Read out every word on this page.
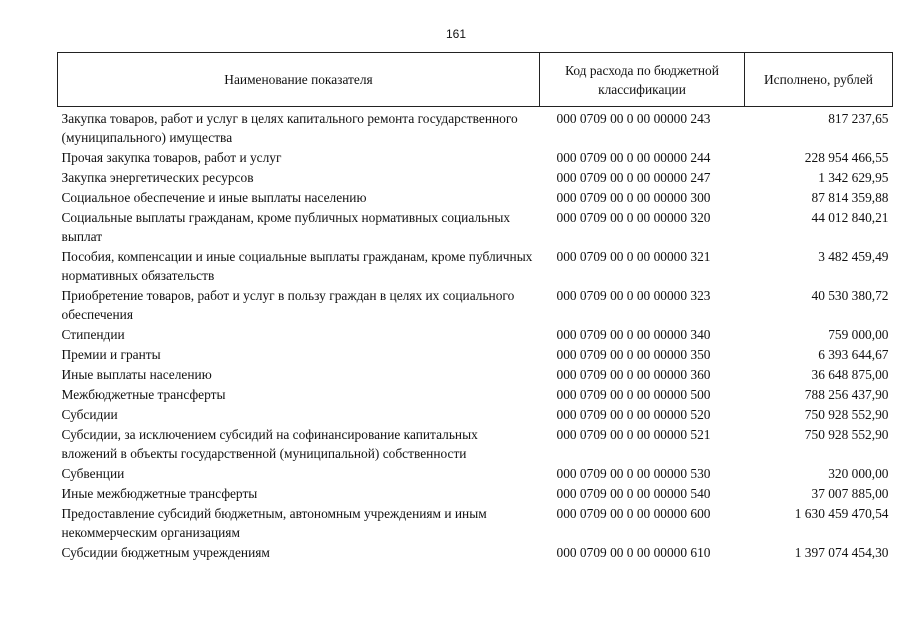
161
Наименование показателя	Код расхода по бюджетной классификации	Исполнено, рублей
Закупка товаров, работ и услуг в целях капитального ремонта государственного (муниципального) имущества	000 0709 00 0 00 00000 243	817 237,65
Прочая закупка товаров, работ и услуг	000 0709 00 0 00 00000 244	228 954 466,55
Закупка энергетических ресурсов	000 0709 00 0 00 00000 247	1 342 629,95
Социальное обеспечение и иные выплаты населению	000 0709 00 0 00 00000 300	87 814 359,88
Социальные выплаты гражданам, кроме публичных нормативных социальных выплат	000 0709 00 0 00 00000 320	44 012 840,21
Пособия, компенсации и иные социальные выплаты гражданам, кроме публичных нормативных обязательств	000 0709 00 0 00 00000 321	3 482 459,49
Приобретение товаров, работ и услуг в пользу граждан в целях их социального обеспечения	000 0709 00 0 00 00000 323	40 530 380,72
Стипендии	000 0709 00 0 00 00000 340	759 000,00
Премии и гранты	000 0709 00 0 00 00000 350	6 393 644,67
Иные выплаты населению	000 0709 00 0 00 00000 360	36 648 875,00
Межбюджетные трансферты	000 0709 00 0 00 00000 500	788 256 437,90
Субсидии	000 0709 00 0 00 00000 520	750 928 552,90
Субсидии, за исключением субсидий на софинансирование капитальных вложений в объекты государственной (муниципальной) собственности	000 0709 00 0 00 00000 521	750 928 552,90
Субвенции	000 0709 00 0 00 00000 530	320 000,00
Иные межбюджетные трансферты	000 0709 00 0 00 00000 540	37 007 885,00
Предоставление субсидий бюджетным, автономным учреждениям и иным некоммерческим организациям	000 0709 00 0 00 00000 600	1 630 459 470,54
Субсидии бюджетным учреждениям	000 0709 00 0 00 00000 610	1 397 074 454,30
